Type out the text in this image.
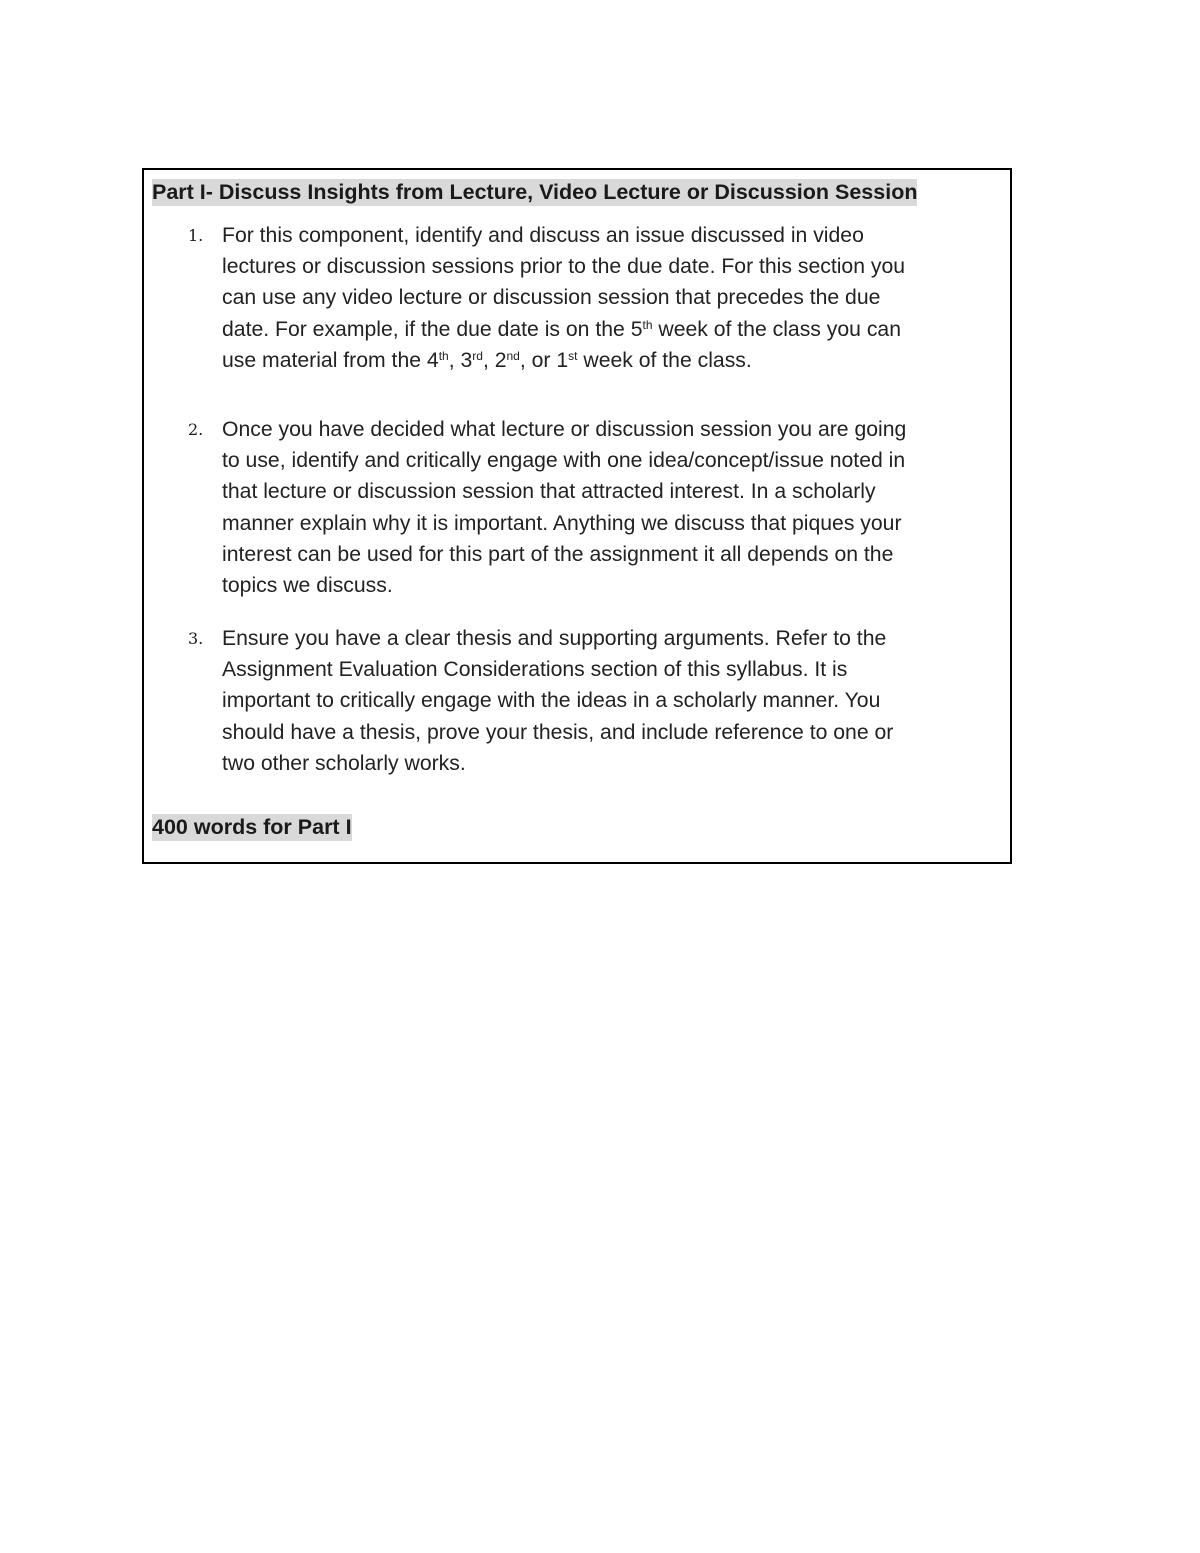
Part I- Discuss Insights from Lecture, Video Lecture or Discussion Session
1. For this component, identify and discuss an issue discussed in video
lectures or discussion sessions prior to the due date. For this section you
can use any video lecture or discussion session that precedes the due
date. For example, if the due date is on the 5th week of the class you can
use material from the 4th, 3rd, 2nd, or 1st week of the class.
2. Once you have decided what lecture or discussion session you are going
to use, identify and critically engage with one idea/concept/issue noted in
that lecture or discussion session that attracted interest. In a scholarly
manner explain why it is important. Anything we discuss that piques your
interest can be used for this part of the assignment it all depends on the
topics we discuss.
3. Ensure you have a clear thesis and supporting arguments. Refer to the
Assignment Evaluation Considerations section of this syllabus. It is
important to critically engage with the ideas in a scholarly manner. You
should have a thesis, prove your thesis, and include reference to one or
two other scholarly works.
400 words for Part I
